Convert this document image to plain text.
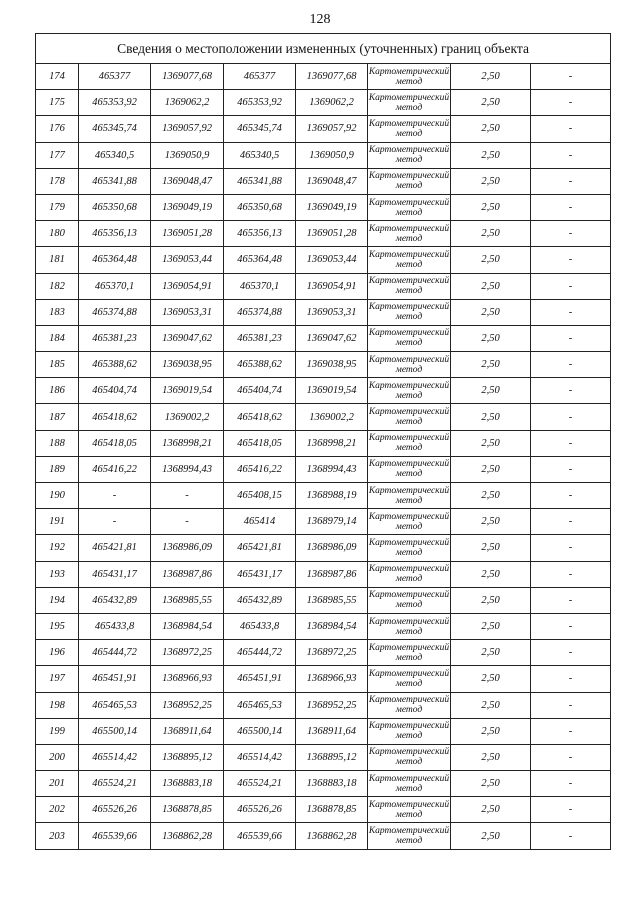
128
Сведения о местоположении измененных (уточненных) границ объекта							
174	465377	1369077,68	465377	1369077,68	Картометрический метод	2,50	-
175	465353,92	1369062,2	465353,92	1369062,2	Картометрический метод	2,50	-
176	465345,74	1369057,92	465345,74	1369057,92	Картометрический метод	2,50	-
177	465340,5	1369050,9	465340,5	1369050,9	Картометрический метод	2,50	-
178	465341,88	1369048,47	465341,88	1369048,47	Картометрический метод	2,50	-
179	465350,68	1369049,19	465350,68	1369049,19	Картометрический метод	2,50	-
180	465356,13	1369051,28	465356,13	1369051,28	Картометрический метод	2,50	-
181	465364,48	1369053,44	465364,48	1369053,44	Картометрический метод	2,50	-
182	465370,1	1369054,91	465370,1	1369054,91	Картометрический метод	2,50	-
183	465374,88	1369053,31	465374,88	1369053,31	Картометрический метод	2,50	-
184	465381,23	1369047,62	465381,23	1369047,62	Картометрический метод	2,50	-
185	465388,62	1369038,95	465388,62	1369038,95	Картометрический метод	2,50	-
186	465404,74	1369019,54	465404,74	1369019,54	Картометрический метод	2,50	-
187	465418,62	1369002,2	465418,62	1369002,2	Картометрический метод	2,50	-
188	465418,05	1368998,21	465418,05	1368998,21	Картометрический метод	2,50	-
189	465416,22	1368994,43	465416,22	1368994,43	Картометрический метод	2,50	-
190	-	-	465408,15	1368988,19	Картометрический метод	2,50	-
191	-	-	465414	1368979,14	Картометрический метод	2,50	-
192	465421,81	1368986,09	465421,81	1368986,09	Картометрический метод	2,50	-
193	465431,17	1368987,86	465431,17	1368987,86	Картометрический метод	2,50	-
194	465432,89	1368985,55	465432,89	1368985,55	Картометрический метод	2,50	-
195	465433,8	1368984,54	465433,8	1368984,54	Картометрический метод	2,50	-
196	465444,72	1368972,25	465444,72	1368972,25	Картометрический метод	2,50	-
197	465451,91	1368966,93	465451,91	1368966,93	Картометрический метод	2,50	-
198	465465,53	1368952,25	465465,53	1368952,25	Картометрический метод	2,50	-
199	465500,14	1368911,64	465500,14	1368911,64	Картометрический метод	2,50	-
200	465514,42	1368895,12	465514,42	1368895,12	Картометрический метод	2,50	-
201	465524,21	1368883,18	465524,21	1368883,18	Картометрический метод	2,50	-
202	465526,26	1368878,85	465526,26	1368878,85	Картометрический метод	2,50	-
203	465539,66	1368862,28	465539,66	1368862,28	Картометрический метод	2,50	-
